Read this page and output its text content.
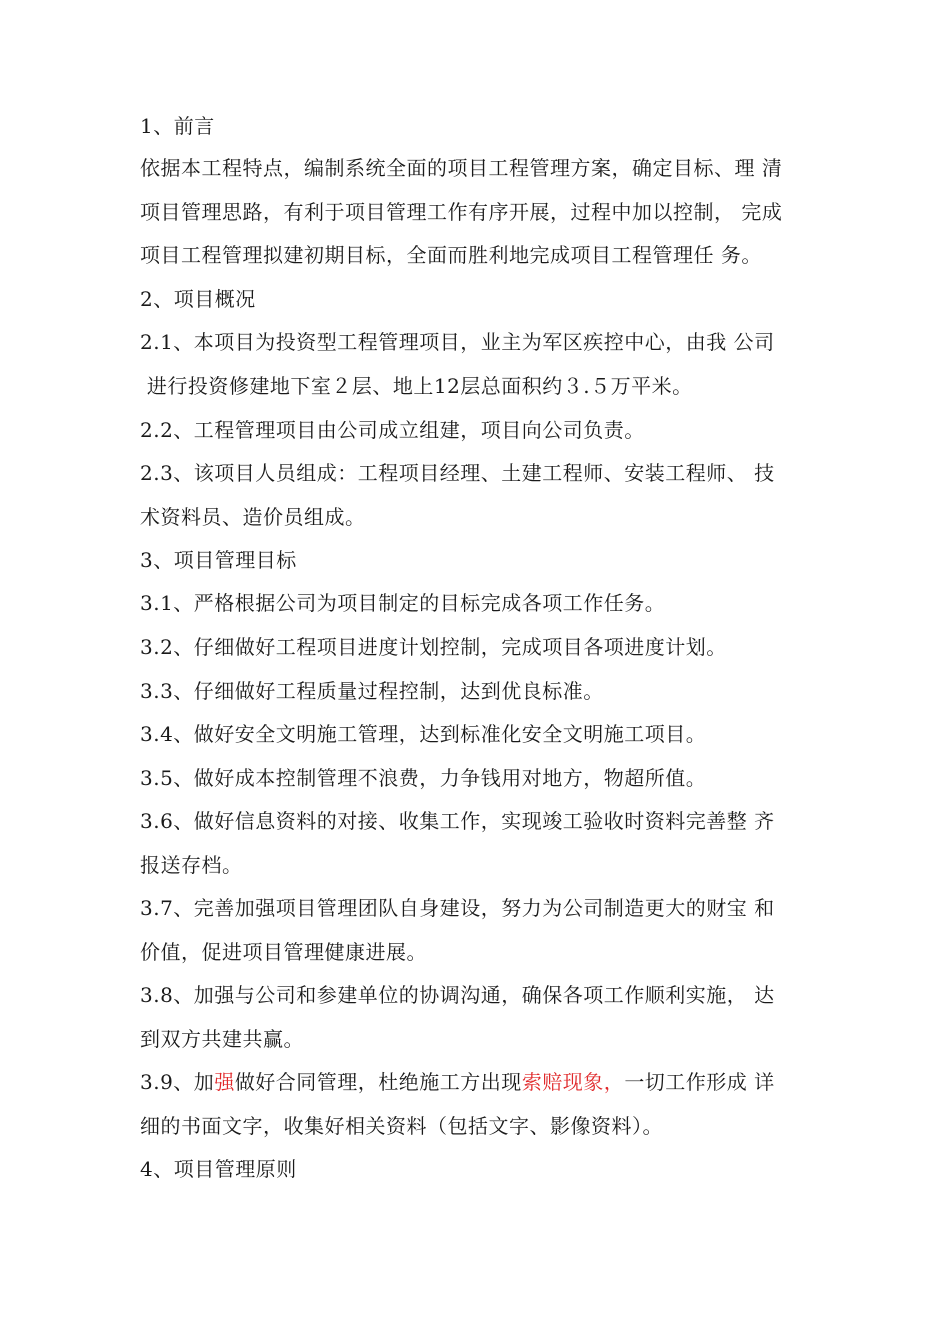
1、前言
依据本工程特点，编制系统全面的项目工程管理方案，确定目标、理 清
项目管理思路，有利于项目管理工作有序开展，过程中加以控制， 完成
项目工程管理拟建初期目标，全面而胜利地完成项目工程管理任 务。
2、项目概况
2.1、本项目为投资型工程管理项目，业主为军区疾控中心，由我 公司
进行投资修建地下室２层、地上12层总面积约３.５万平米。
2.2、工程管理项目由公司成立组建，项目向公司负责。
2.3、该项目人员组成：工程项目经理、土建工程师、安装工程师、 技
术资料员、造价员组成。
3、项目管理目标
3.1、严格根据公司为项目制定的目标完成各项工作任务。
3.2、仔细做好工程项目进度计划控制，完成项目各项进度计划。
3.3、仔细做好工程质量过程控制，达到优良标准。
3.4、做好安全文明施工管理，达到标准化安全文明施工项目。
3.5、做好成本控制管理不浪费，力争钱用对地方，物超所值。
3.6、做好信息资料的对接、收集工作，实现竣工验收时资料完善整 齐
报送存档。
3.7、完善加强项目管理团队自身建设，努力为公司制造更大的财宝 和
价值，促进项目管理健康进展。
3.8、加强与公司和参建单位的协调沟通，确保各项工作顺利实施， 达
到双方共建共赢。
3.9、加强做好合同管理，杜绝施工方出现索赔现象，一切工作形成 详
细的书面文字，收集好相关资料（包括文字、影像资料）。
4、项目管理原则
